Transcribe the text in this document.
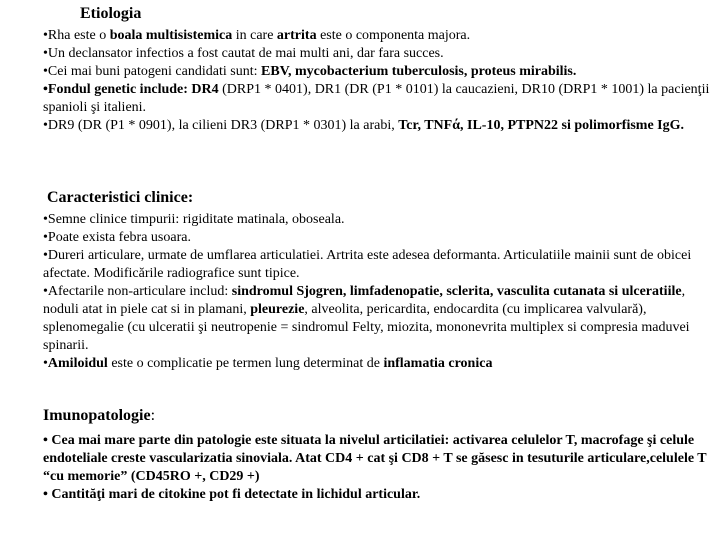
Etiologia
•Rha este o boala multisistemica in care artrita este o componenta majora.
•Un declansator infectios a fost cautat de mai multi ani, dar fara succes.
•Cei mai buni patogeni candidati sunt: EBV, mycobacterium tuberculosis, proteus mirabilis.
•Fondul genetic include: DR4 (DRP1 * 0401), DR1 (DR (P1 * 0101) la caucazieni, DR10 (DRP1 * 1001) la pacienţii spanioli şi italieni.
•DR9 (DR (P1 * 0901), la cilieni DR3 (DRP1 * 0301) la arabi, Tcr, TNFά, IL-10, PTPN22 si polimorfisme IgG.
Caracteristici clinice:
•Semne clinice timpurii: rigiditate matinala, oboseala.
•Poate exista febra usoara.
•Dureri articulare, urmate de umflarea articulatiei. Artrita este adesea deformanta. Articulatiile mainii sunt de obicei afectate. Modificările radiografice sunt tipice.
•Afectarile non-articulare includ: sindromul Sjogren, limfadenopatie, sclerita, vasculita cutanata si ulceratiile, noduli atat in piele cat si in plamani, pleurezie, alveolita, pericardita, endocardita (cu implicarea valvulară), splenomegalie (cu ulceratii şi neutropenie = sindromul Felty, miozita, mononevrita multiplex si compresia maduvei spinarii.
•Amiloidul este o complicatie pe termen lung determinat de inflamatia cronica
Imunopatologie:
• Cea mai mare parte din patologie este situata la nivelul articilatiei: activarea celulelor T, macrofage şi celule endoteliale creste vascularizatia sinoviala. Atat CD4 + cat şi CD8 + T se găsesc in tesuturile articulare,celulele T “cu memorie” (CD45RO +, CD29 +)
• Cantităţi mari de citokine pot fi detectate in lichidul articular.
